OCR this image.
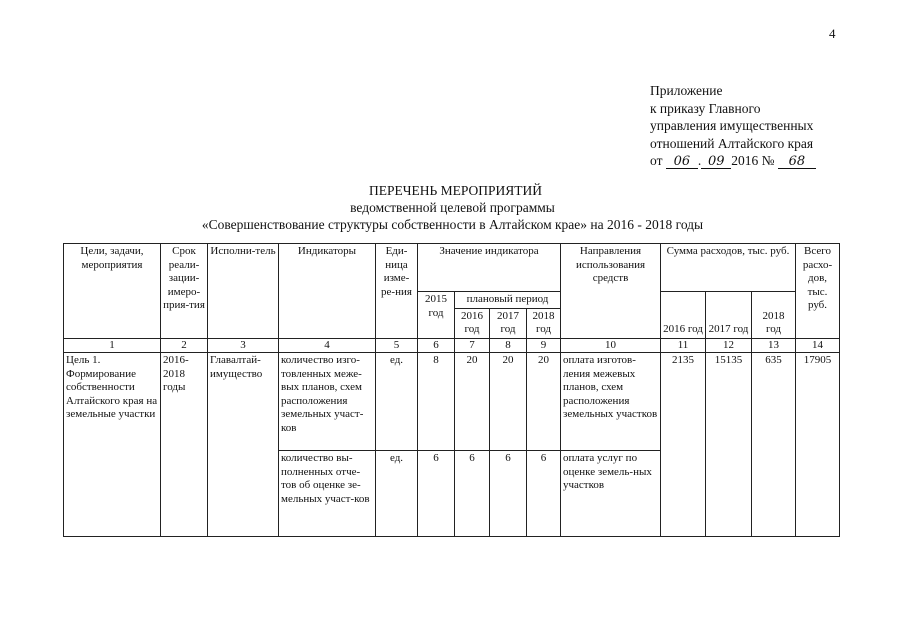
4
Приложение
к приказу Главного
управления имущественных
отношений Алтайского края
от 06 . 09 2016 № 68
ПЕРЕЧЕНЬ МЕРОПРИЯТИЙ
ведомственной целевой программы
«Совершенствование структуры собственности в Алтайском крае» на 2016 - 2018 годы
Цели, задачи, мероприятия	Срок реали-зации-имеро-прия-тия	Исполни-тель	Индикаторы	Еди-ница изме-ре-ния	Значение индикатора				Направления использования средств	Сумма расходов, тыс. руб.			Всего расхо-дов, тыс. руб.
					2015 год	плановый период				2016 год	2017 год	2018 год	
						2016 год	2017 год	2018 год					
1	2	3	4	5	6	7	8	9	10	11	12	13	14
Цель 1. Формирование собственности Алтайского края на земельные участки	2016-2018 годы	Главалтай-имущество	количество изго-товленных меже-вых планов, схем расположения земельных участ-ков	ед.	8	20	20	20	оплата изготов-ления межевых планов, схем расположения земельных участков	2135	15135	635	17905
			количество вы-полненных отче-тов об оценке зе-мельных участ-ков	ед.	6	6	6	6	оплата услуг по оценке земель-ных участков				
